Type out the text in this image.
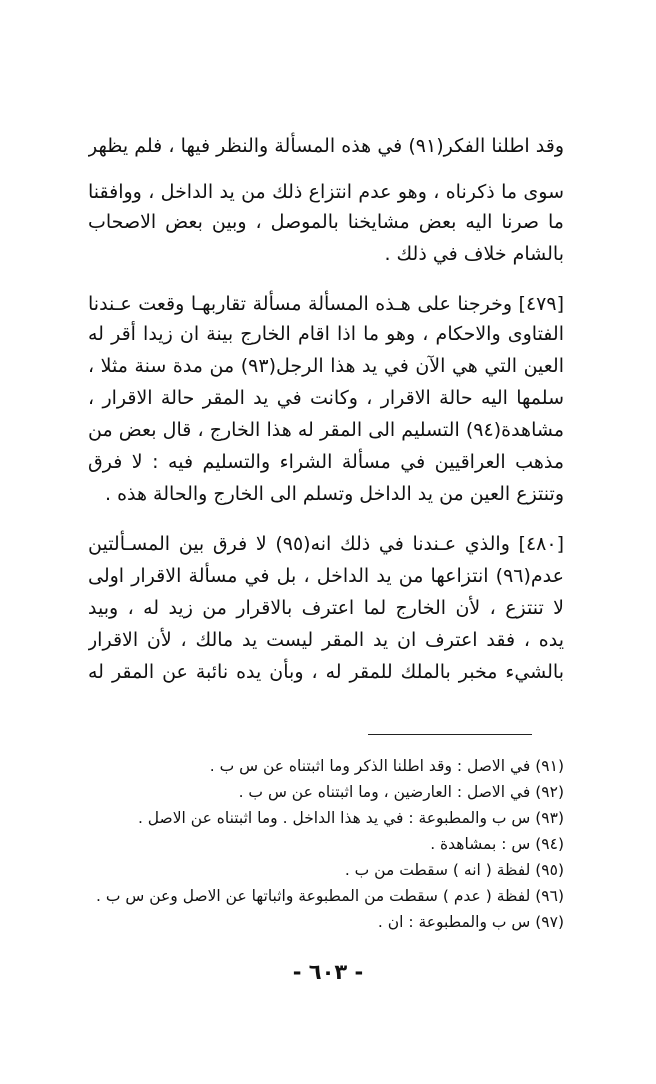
وقد اطلنا الفكر(٩١) في هذه المسألة والنظر فيها ، فلم يظهر
سوى ما ذكرناه ، وهو عدم انتزاع ذلك من يد الداخل ، ووافقنا
ما صرنا اليه بعض مشايخنا بالموصل ، وبين بعض الاصحاب
بالشام خلاف في ذلك .
[٤٧٩] وخرجنا على هـذه المسألة مسألة تقاربهـا وقعت عـندنا
الفتاوى والاحكام ، وهو ما اذا اقام الخارج بينة ان زيدا أقر له
العين التي هي الآن في يد هذا الرجل(٩٣) من مدة سنة مثلا ،
سلمها اليه حالة الاقرار ، وكانت في يد المقر حالة الاقرار ،
مشاهدة(٩٤) التسليم الى المقر له هذا الخارج ، قال بعض من
مذهب العراقيين في مسألة الشراء والتسليم فيه : لا فرق
وتنتزع العين من يد الداخل وتسلم الى الخارج والحالة هذه .
[٤٨٠] والذي عـندنا في ذلك انه(٩٥) لا فرق بين المسـألتين
عدم(٩٦) انتزاعها من يد الداخل ، بل في مسألة الاقرار اولى
لا تنتزع ، لأن الخارج لما اعترف بالاقرار من زيد له ، وبيد
يده ، فقد اعترف ان يد المقر ليست يد مالك ، لأن الاقرار
بالشيء مخبر بالملك للمقر له ، وبأن يده نائبة عن المقر له
(٩١) في الاصل : وقد اطلنا الذكر وما اثبتناه عن س ب .
(٩٢) في الاصل : العارضين ، وما اثبتناه عن س ب .
(٩٣) س ب والمطبوعة : في يد هذا الداخل . وما اثبتناه عن الاصل .
(٩٤) س : بمشاهدة .
(٩٥) لفظة ( انه ) سقطت من ب .
(٩٦) لفظة ( عدم ) سقطت من المطبوعة واثباتها عن الاصل وعن س ب .
(٩٧) س ب والمطبوعة : ان .
- ٦٠٣ -
